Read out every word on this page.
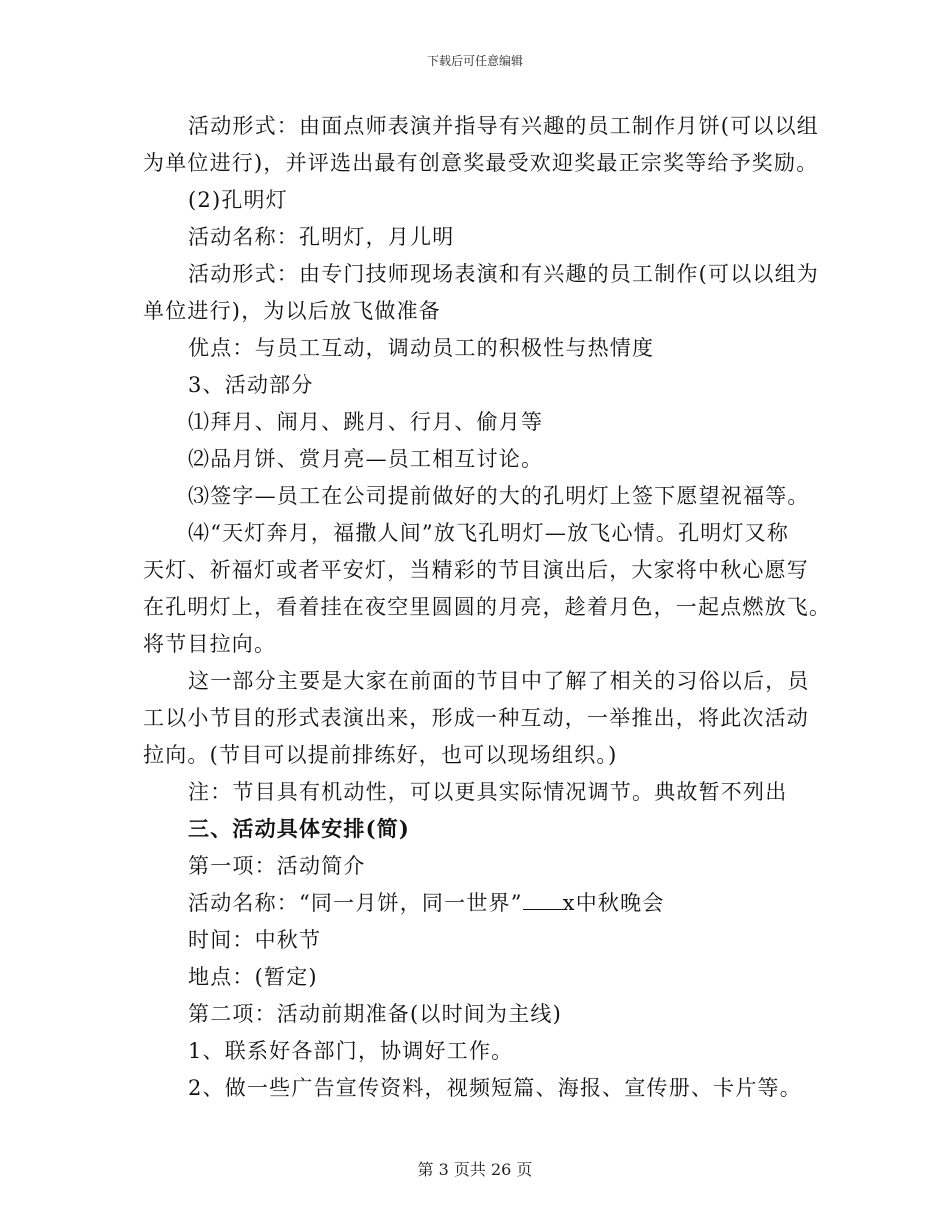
下载后可任意编辑
活动形式：由面点师表演并指导有兴趣的员工制作月饼(可以以组
为单位进行)，并评选出最有创意奖最受欢迎奖最正宗奖等给予奖励。
(2)孔明灯
活动名称：孔明灯，月儿明
活动形式：由专门技师现场表演和有兴趣的员工制作(可以以组为
单位进行)，为以后放飞做准备
优点：与员工互动，调动员工的积极性与热情度
3、活动部分
⑴拜月、闹月、跳月、行月、偷月等
⑵品月饼、赏月亮—员工相互讨论。
⑶签字—员工在公司提前做好的大的孔明灯上签下愿望祝福等。
⑷“天灯奔月，福撒人间”放飞孔明灯—放飞心情。孔明灯又称
天灯、祈福灯或者平安灯，当精彩的节目演出后，大家将中秋心愿写
在孔明灯上，看着挂在夜空里圆圆的月亮，趁着月色，一起点燃放飞。
将节目拉向。
这一部分主要是大家在前面的节目中了解了相关的习俗以后，员
工以小节目的形式表演出来，形成一种互动，一举推出，将此次活动
拉向。(节目可以提前排练好，也可以现场组织。)
注：节目具有机动性，可以更具实际情况调节。典故暂不列出
三、活动具体安排(简)
第一项：活动简介
活动名称：“同一月饼，同一世界” x中秋晚会
时间：中秋节
地点：(暂定)
第二项：活动前期准备(以时间为主线)
1、联系好各部门，协调好工作。
2、做一些广告宣传资料，视频短篇、海报、宣传册、卡片等。
第 3 页共 26 页
